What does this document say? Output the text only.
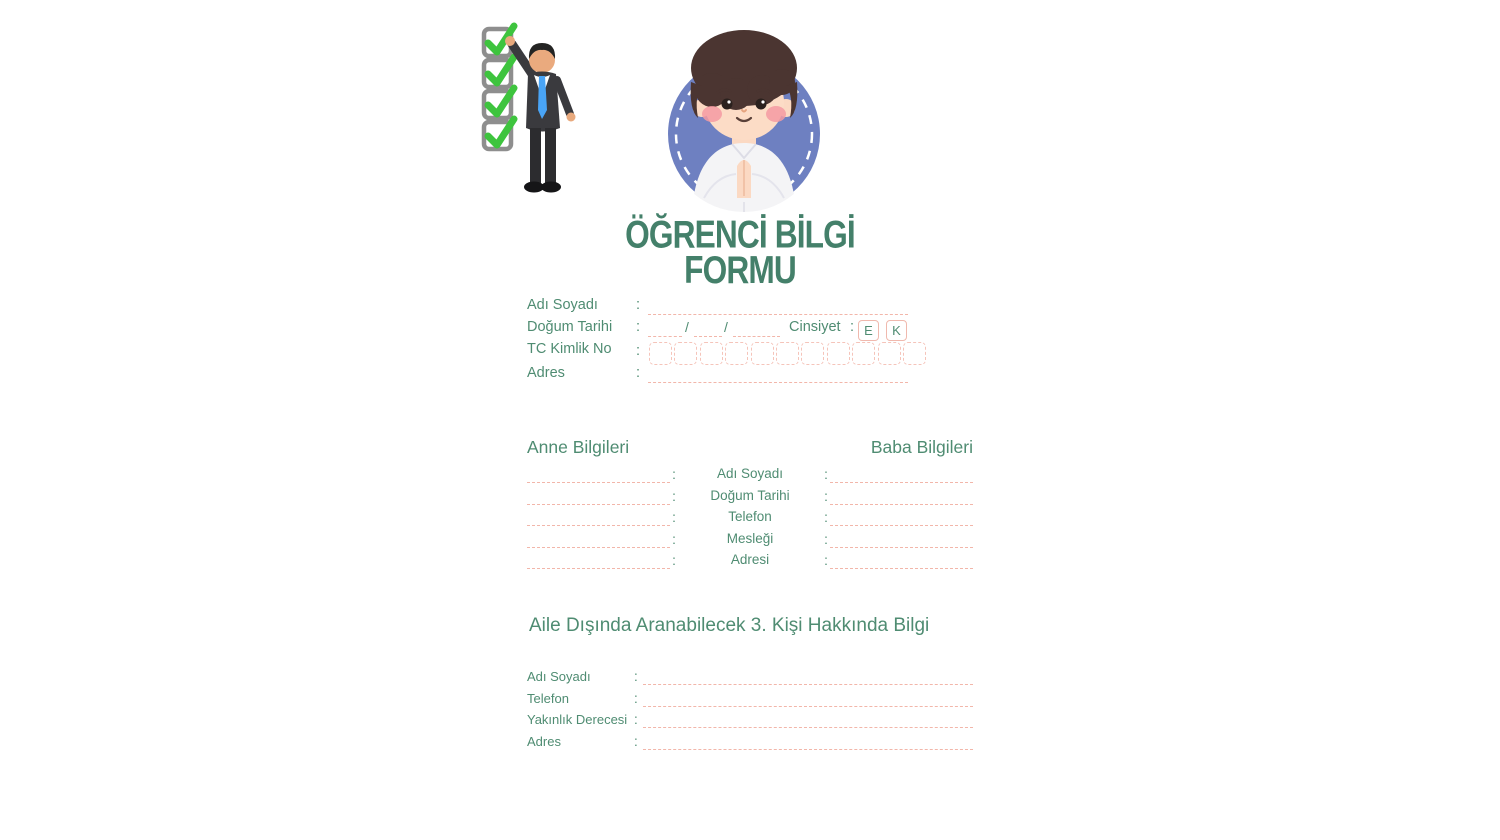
ÖĞRENCİ BİLGİ
FORMU
Adı Soyadı	:
Doğum Tarihi :	/	/	Cinsiyet : E	K
TC Kimlik No :
Adres	:
Anne Bilgileri	Baba Bilgileri
:	Adı Soyadı	:
:	Doğum Tarihi	:
:	Telefon	:
:	Mesleği	:
:	Adresi	:
Aile Dışında Aranabilecek 3. Kişi Hakkında Bilgi
Adı Soyadı	:
Telefon	:
Yakınlık Derecesi :
Adres	:
